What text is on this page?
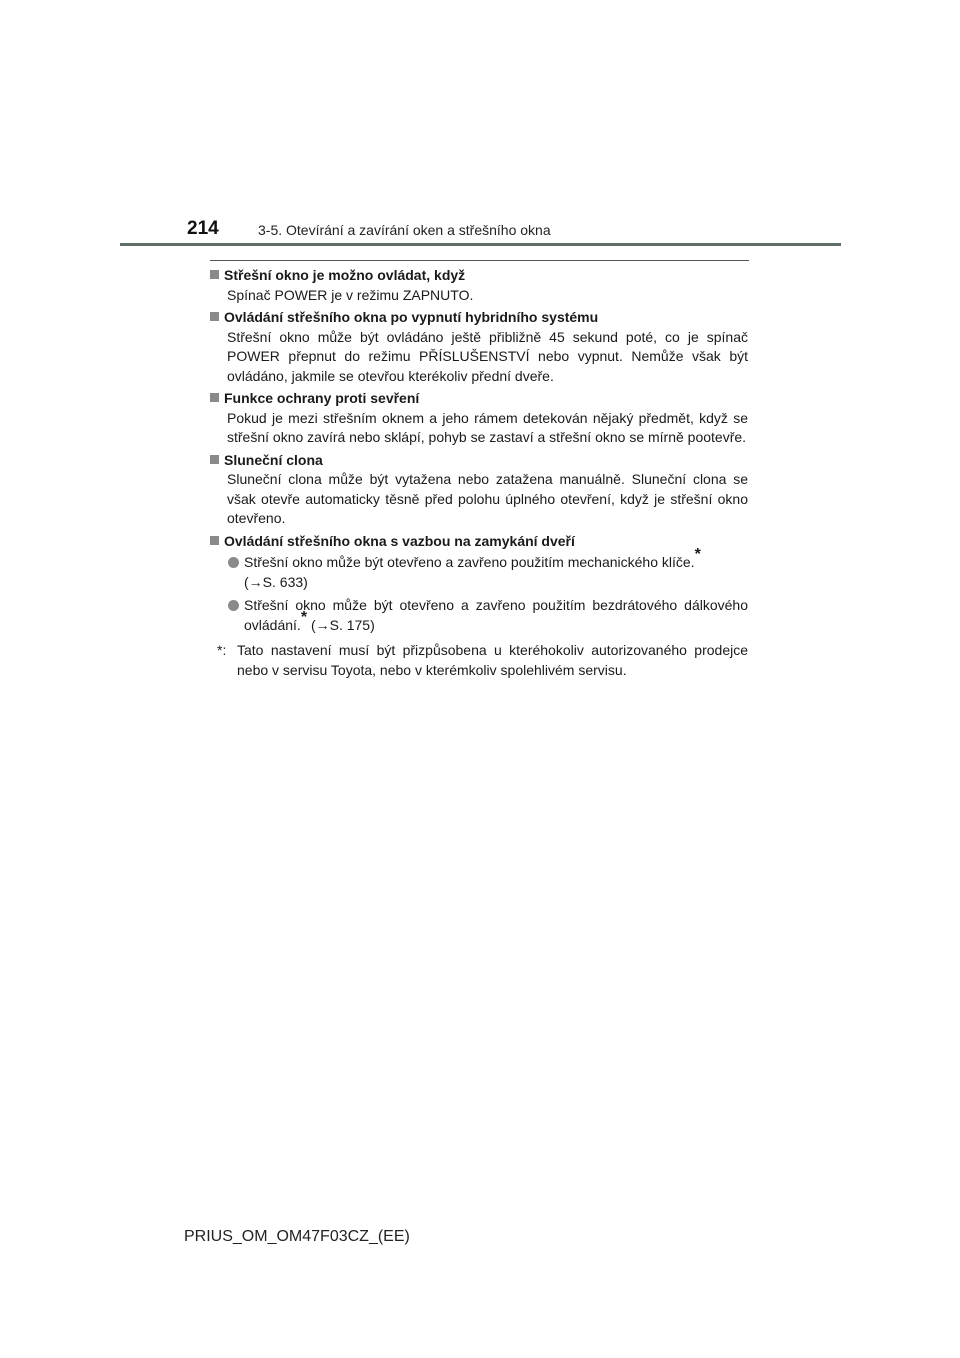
214	3-5. Otevírání a zavírání oken a střešního okna
Střešní okno je možno ovládat, když
Spínač POWER je v režimu ZAPNUTO.
Ovládání střešního okna po vypnutí hybridního systému
Střešní okno může být ovládáno ještě přibližně 45 sekund poté, co je spínač POWER přepnut do režimu PŘÍSLUŠENSTVÍ nebo vypnut. Nemůže však být ovládáno, jakmile se otevřou kterékoliv přední dveře.
Funkce ochrany proti sevření
Pokud je mezi střešním oknem a jeho rámem detekován nějaký předmět, když se střešní okno zavírá nebo sklápí, pohyb se zastaví a střešní okno se mírně pootevře.
Sluneční clona
Sluneční clona může být vytažena nebo zatažena manuálně. Sluneční clona se však otevře automaticky těsně před polohu úplného otevření, když je střešní okno otevřeno.
Ovládání střešního okna s vazbou na zamykání dveří
Střešní okno může být otevřeno a zavřeno použitím mechanického klíče.*
(→S. 633)
Střešní okno může být otevřeno a zavřeno použitím bezdrátového dálkového ovládání.* (→S. 175)
*: Tato nastavení musí být přizpůsobena u kteréhokoliv autorizovaného prodejce nebo v servisu Toyota, nebo v kterémkoliv spolehlivém servisu.
PRIUS_OM_OM47F03CZ_(EE)
